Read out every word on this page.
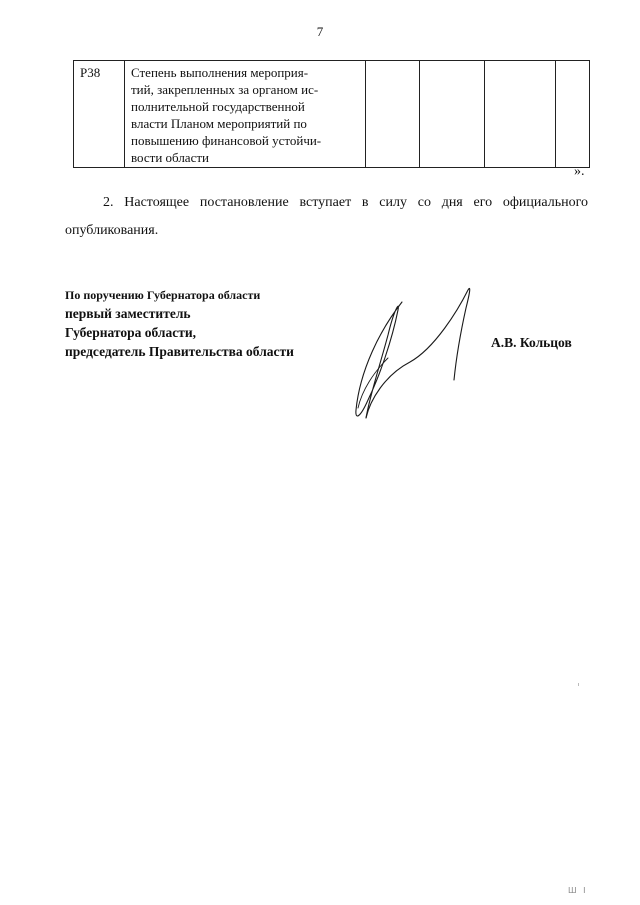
7
Р38	Степень выполнения мероприя-
тий, закрепленных за органом ис-
полнительной государственной
власти Планом мероприятий по
повышению финансовой устойчи-
вости области

».
2. Настоящее постановление вступает в силу со дня его официального опубликования.
По поручению Губернатора области
первый заместитель
Губернатора области,
председатель Правительства области
А.В. Кольцов
Ш I
